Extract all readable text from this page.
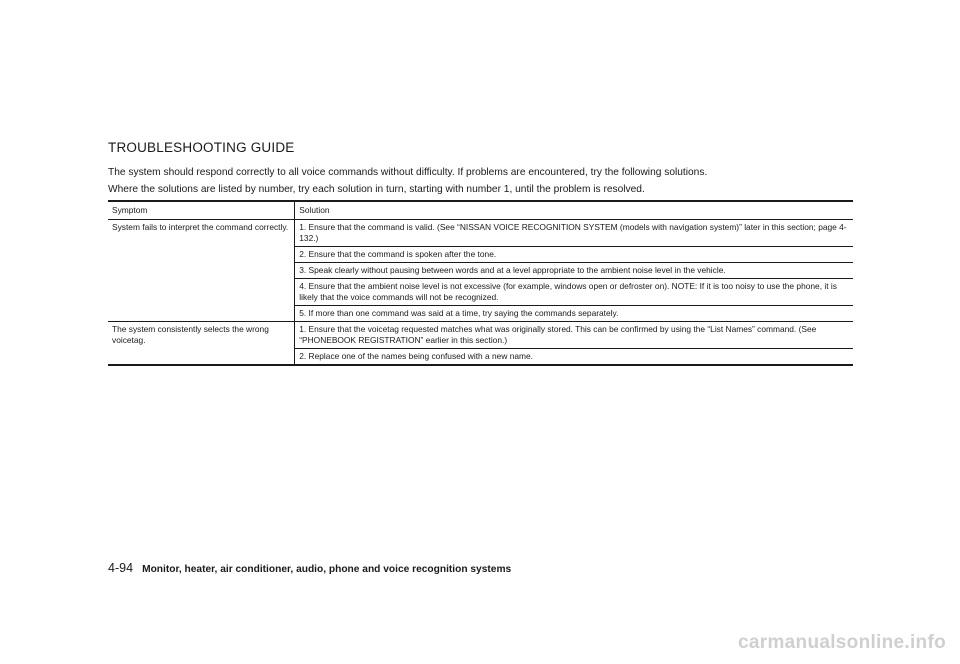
TROUBLESHOOTING GUIDE
The system should respond correctly to all voice commands without difficulty. If problems are encountered, try the following solutions.
Where the solutions are listed by number, try each solution in turn, starting with number 1, until the problem is resolved.
Symptom	Solution
System fails to interpret the command correctly.	1. Ensure that the command is valid. (See “NISSAN VOICE RECOGNITION SYSTEM (models with navigation system)” later in this section; page 4-132.)
	2. Ensure that the command is spoken after the tone.
	3. Speak clearly without pausing between words and at a level appropriate to the ambient noise level in the vehicle.
	4. Ensure that the ambient noise level is not excessive (for example, windows open or defroster on). NOTE: If it is too noisy to use the phone, it is likely that the voice commands will not be recognized.
	5. If more than one command was said at a time, try saying the commands separately.
The system consistently selects the wrong voicetag.	1. Ensure that the voicetag requested matches what was originally stored. This can be confirmed by using the “List Names” command. (See “PHONEBOOK REGISTRATION” earlier in this section.)
	2. Replace one of the names being confused with a new name.
4-94 Monitor, heater, air conditioner, audio, phone and voice recognition systems
carmanualsonline.info
